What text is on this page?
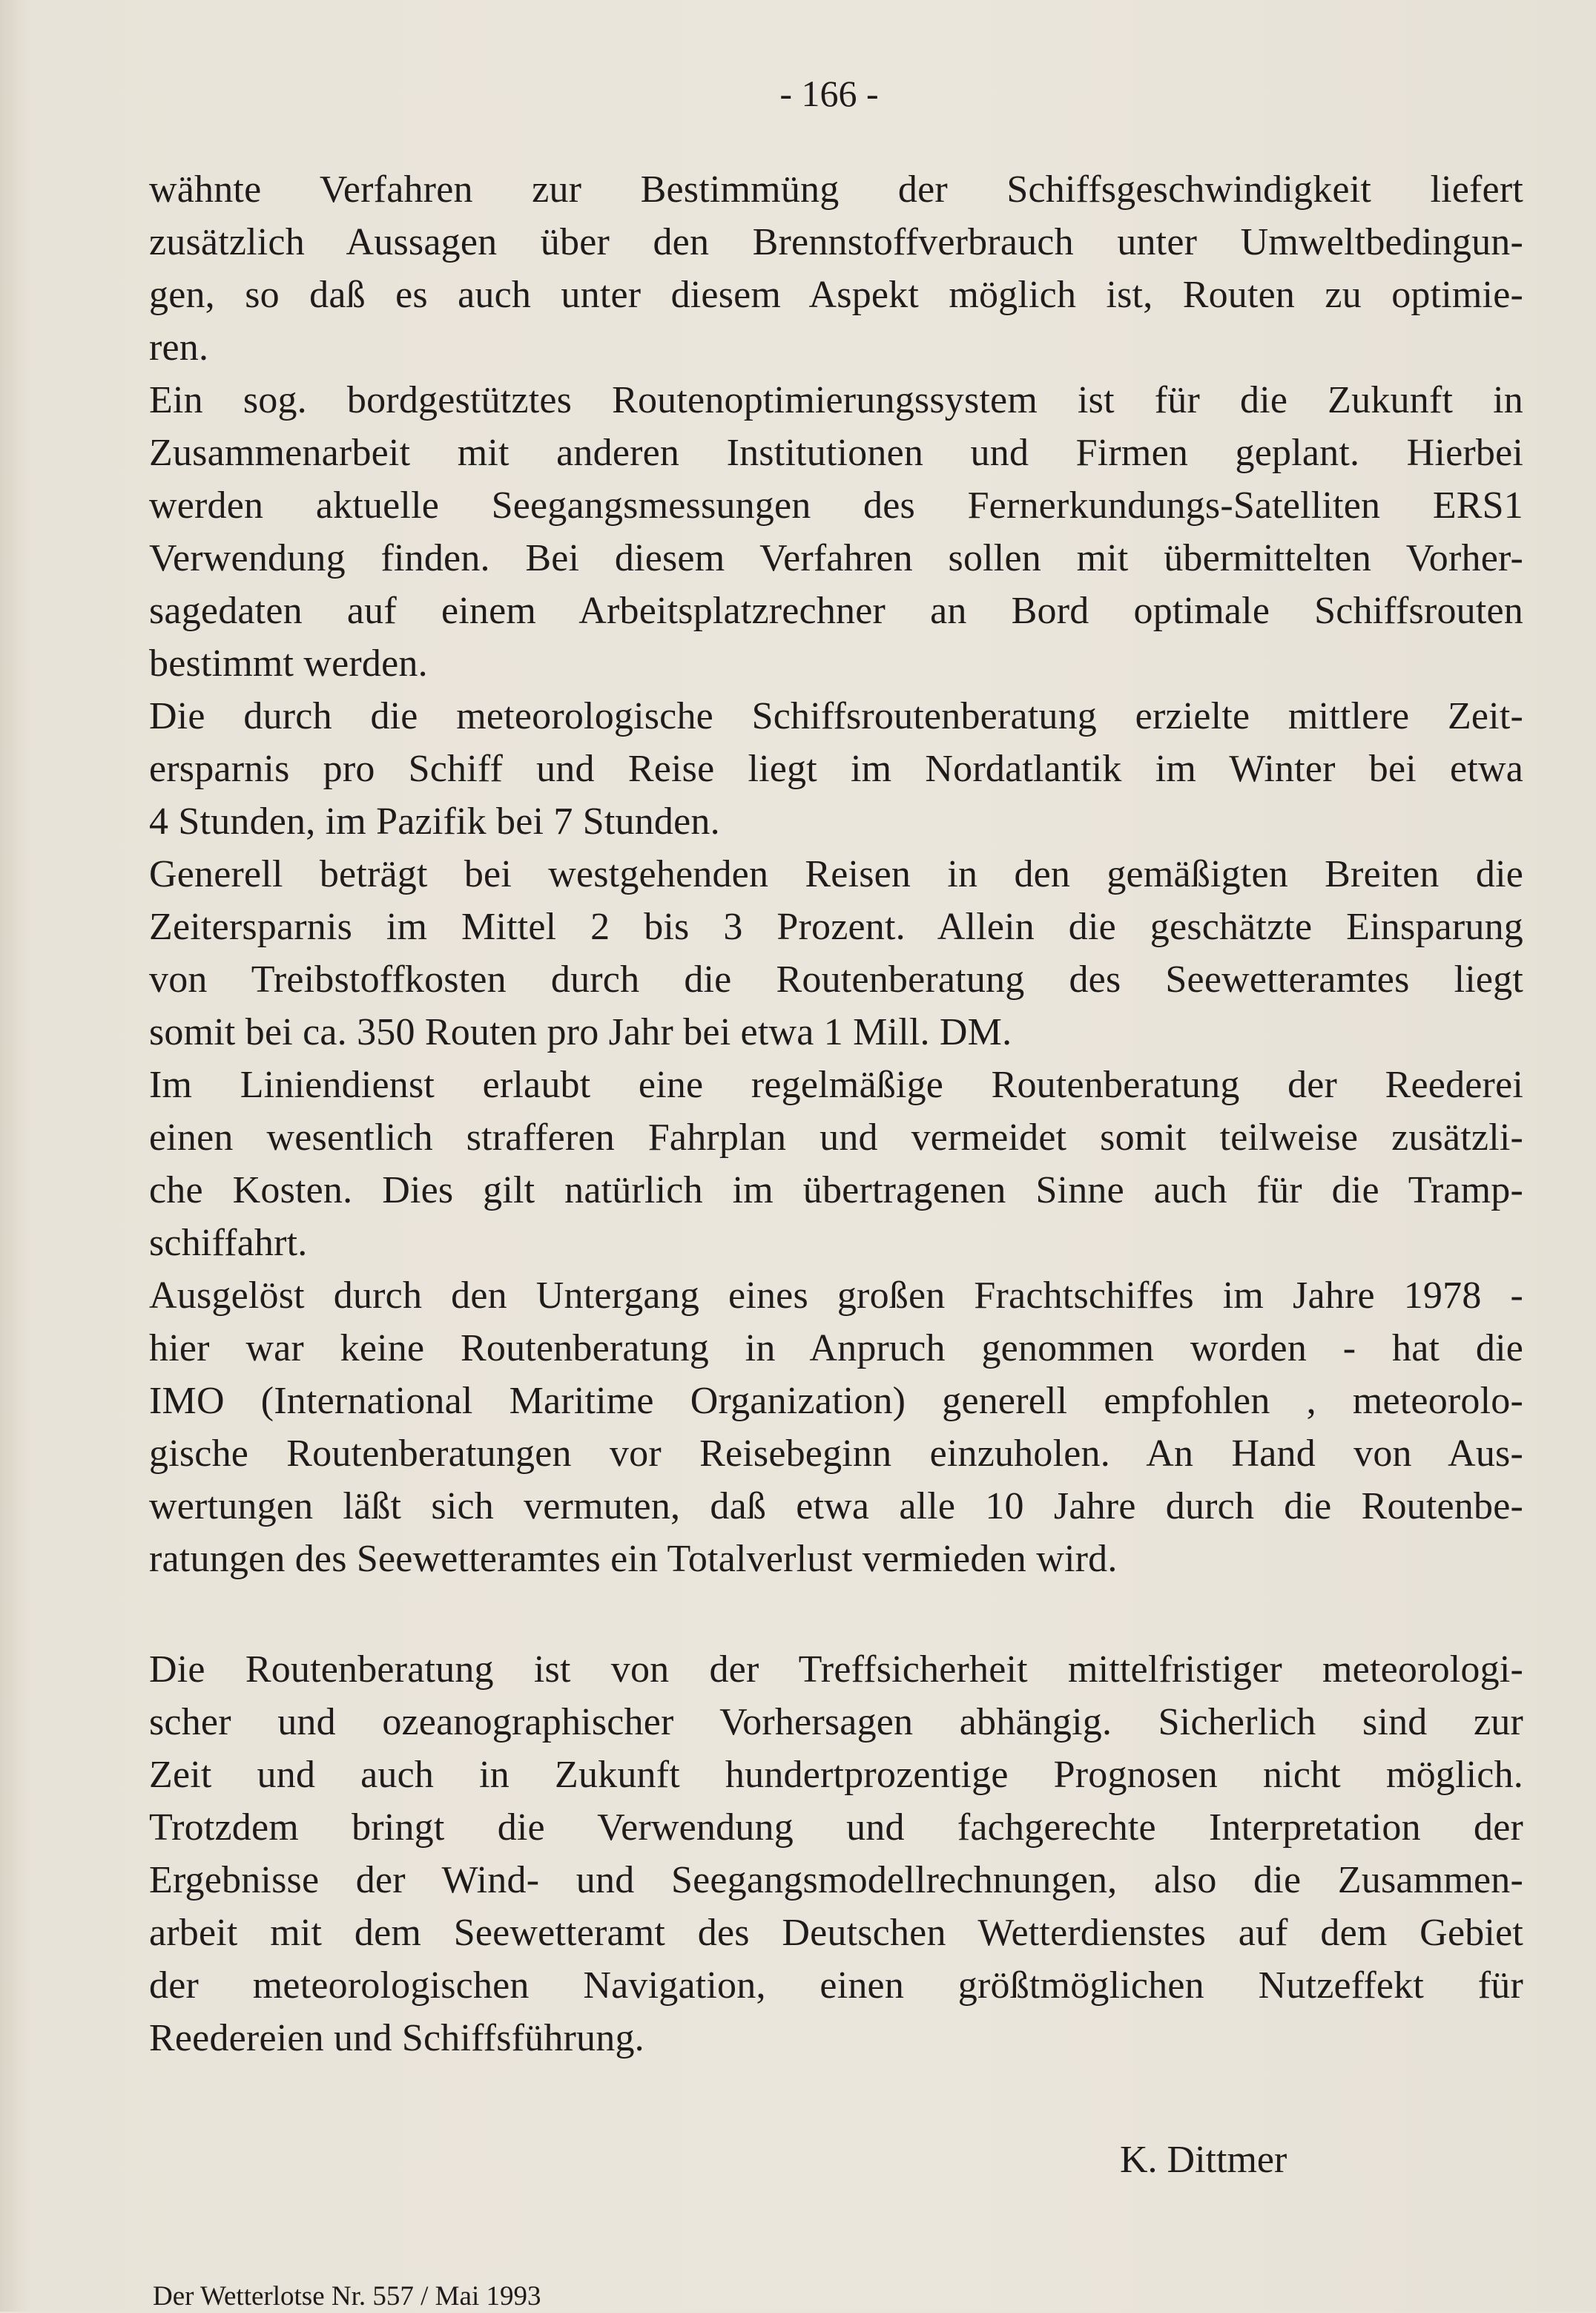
- 166 -
wähnte Verfahren zur Bestimmüng der Schiffsgeschwindigkeit liefert
zusätzlich Aussagen über den Brennstoffverbrauch unter Umweltbedingun-
gen, so daß es auch unter diesem Aspekt möglich ist, Routen zu optimie-
ren.
Ein sog. bordgestütztes Routenoptimierungssystem ist für die Zukunft in
Zusammenarbeit mit anderen Institutionen und Firmen geplant. Hierbei
werden aktuelle Seegangsmessungen des Fernerkundungs-Satelliten ERS1
Verwendung finden. Bei diesem Verfahren sollen mit übermittelten Vorher-
sagedaten auf einem Arbeitsplatzrechner an Bord optimale Schiffsrouten
bestimmt werden.
Die durch die meteorologische Schiffsroutenberatung erzielte mittlere Zeit-
ersparnis pro Schiff und Reise liegt im Nordatlantik im Winter bei etwa
4 Stunden, im Pazifik bei 7 Stunden.
Generell beträgt bei westgehenden Reisen in den gemäßigten Breiten die
Zeitersparnis im Mittel 2 bis 3 Prozent. Allein die geschätzte Einsparung
von Treibstoffkosten durch die Routenberatung des Seewetteramtes liegt
somit bei ca. 350 Routen pro Jahr bei etwa 1 Mill. DM.
Im Liniendienst erlaubt eine regelmäßige Routenberatung der Reederei
einen wesentlich strafferen Fahrplan und vermeidet somit teilweise zusätzli-
che Kosten. Dies gilt natürlich im übertragenen Sinne auch für die Tramp-
schiffahrt.
Ausgelöst durch den Untergang eines großen Frachtschiffes im Jahre 1978 -
hier war keine Routenberatung in Anpruch genommen worden - hat die
IMO (International Maritime Organization) generell empfohlen , meteorolo-
gische Routenberatungen vor Reisebeginn einzuholen. An Hand von Aus-
wertungen läßt sich vermuten, daß etwa alle 10 Jahre durch die Routenbe-
ratungen des Seewetteramtes ein Totalverlust vermieden wird.
Die Routenberatung ist von der Treffsicherheit mittelfristiger meteorologi-
scher und ozeanographischer Vorhersagen abhängig. Sicherlich sind zur
Zeit und auch in Zukunft hundertprozentige Prognosen nicht möglich.
Trotzdem bringt die Verwendung und fachgerechte Interpretation der
Ergebnisse der Wind- und Seegangsmodellrechnungen, also die Zusammen-
arbeit mit dem Seewetteramt des Deutschen Wetterdienstes auf dem Gebiet
der meteorologischen Navigation, einen größtmöglichen Nutzeffekt für
Reedereien und Schiffsführung.
K. Dittmer
Der Wetterlotse Nr. 557 / Mai 1993
